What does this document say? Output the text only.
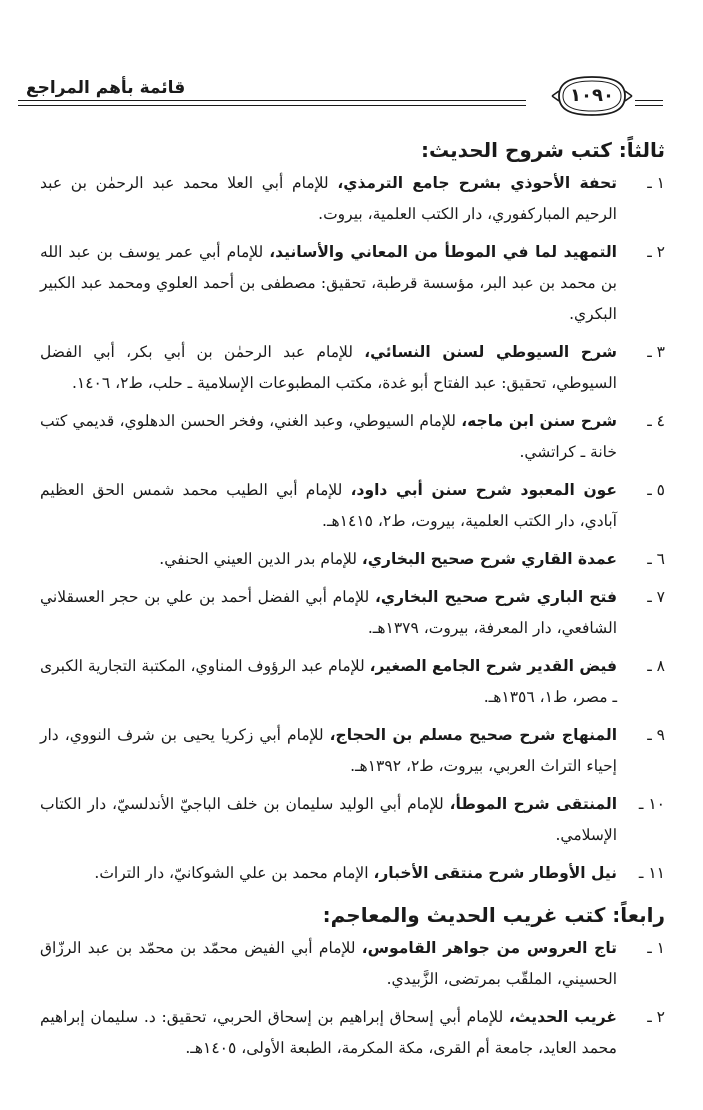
قائمة بأهم المراجع	١٠٩٠
ثالثاً: كتب شروح الحديث:
١ ـ
تحفة الأحوذي بشرح جامع الترمذي، للإمام أبي العلا محمد عبد الرحمٰن بن عبد الرحيم المباركفوري، دار الكتب العلمية، بيروت.
٢ ـ
التمهيد لما في الموطأ من المعاني والأسانيد، للإمام أبي عمر يوسف بن عبد الله بن محمد بن عبد البر، مؤسسة قرطبة، تحقيق: مصطفى بن أحمد العلوي ومحمد عبد الكبير البكري.
٣ ـ
شرح السيوطي لسنن النسائي، للإمام عبد الرحمٰن بن أبي بكر، أبي الفضل السيوطي، تحقيق: عبد الفتاح أبو غدة، مكتب المطبوعات الإسلامية ـ حلب، ط٢، ١٤٠٦.
٤ ـ
شرح سنن ابن ماجه، للإمام السيوطي، وعبد الغني، وفخر الحسن الدهلوي، قديمي كتب خانة ـ كراتشي.
٥ ـ
عون المعبود شرح سنن أبي داود، للإمام أبي الطيب محمد شمس الحق العظيم آبادي، دار الكتب العلمية، بيروت، ط٢، ١٤١٥هـ.
٦ ـ
عمدة القاري شرح صحيح البخاري، للإمام بدر الدين العيني الحنفي.
٧ ـ
فتح الباري شرح صحيح البخاري، للإمام أبي الفضل أحمد بن علي بن حجر العسقلاني الشافعي، دار المعرفة، بيروت، ١٣٧٩هـ.
٨ ـ
فيض القدير شرح الجامع الصغير، للإمام عبد الرؤوف المناوي، المكتبة التجارية الكبرى ـ مصر، ط١، ١٣٥٦هـ.
٩ ـ
المنهاج شرح صحيح مسلم بن الحجاج، للإمام أبي زكريا يحيى بن شرف النووي، دار إحياء التراث العربي، بيروت، ط٢، ١٣٩٢هـ.
١٠ ـ
المنتقى شرح الموطأ، للإمام أبي الوليد سليمان بن خلف الباجيّ الأندلسيّ، دار الكتاب الإسلامي.
١١ ـ
نيل الأوطار شرح منتقى الأخبار، الإمام محمد بن علي الشوكانيّ، دار التراث.
رابعاً: كتب غريب الحديث والمعاجم:
١ ـ
تاج العروس من جواهر القاموس، للإمام أبي الفيض محمّد بن محمّد بن عبد الرزّاق الحسيني، الملقّب بمرتضى، الزَّبيدي.
٢ ـ
غريب الحديث، للإمام أبي إسحاق إبراهيم بن إسحاق الحربي، تحقيق: د. سليمان إبراهيم محمد العايد، جامعة أم القرى، مكة المكرمة، الطبعة الأولى، ١٤٠٥هـ.
